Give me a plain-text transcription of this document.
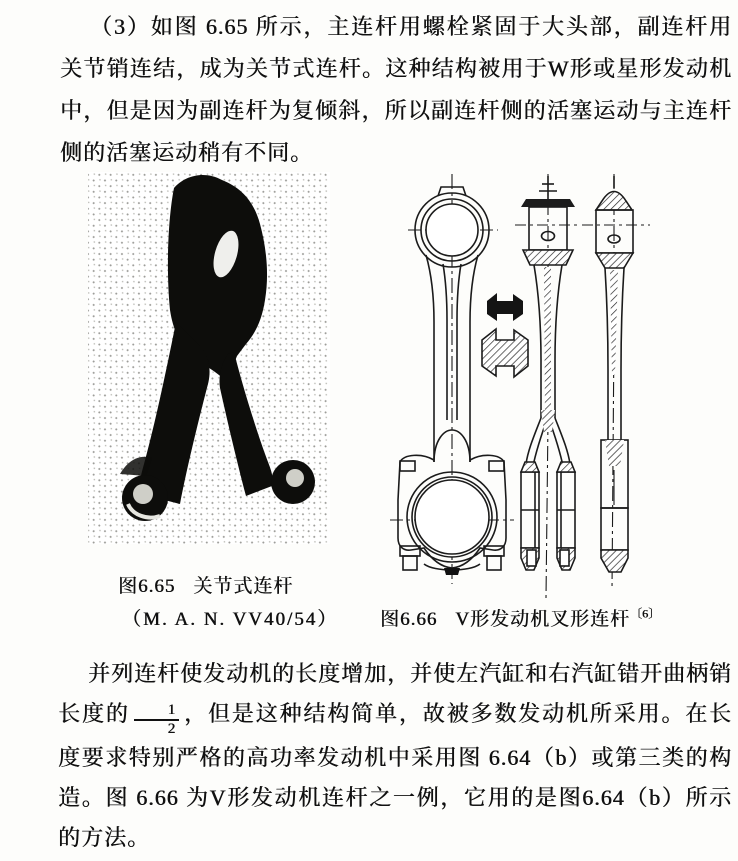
（3）如图 6.65 所示，主连杆用螺栓紧固于大头部，副连杆用关节销连结，成为关节式连杆。这种结构被用于W形或星形发动机中，但是因为副连杆为复倾斜，所以副连杆侧的活塞运动与主连杆侧的活塞运动稍有不同。

图6.65 关节式连杆
（M. A. N. VV40/54） 图6.66 V形发动机叉形连杆$^{〔6〕}$

并列连杆使发动机的长度增加，并使左汽缸和右汽缸错开曲柄销长度的 $\frac{1}{2}$ ，但是这种结构简单，故被多数发动机所采用。在长度要求特别严格的高功率发动机中采用图 6.64（b）或第三类的构造。图 6.66 为V形发动机连杆之一例，它用的是图6.64（b）所示的方法。
